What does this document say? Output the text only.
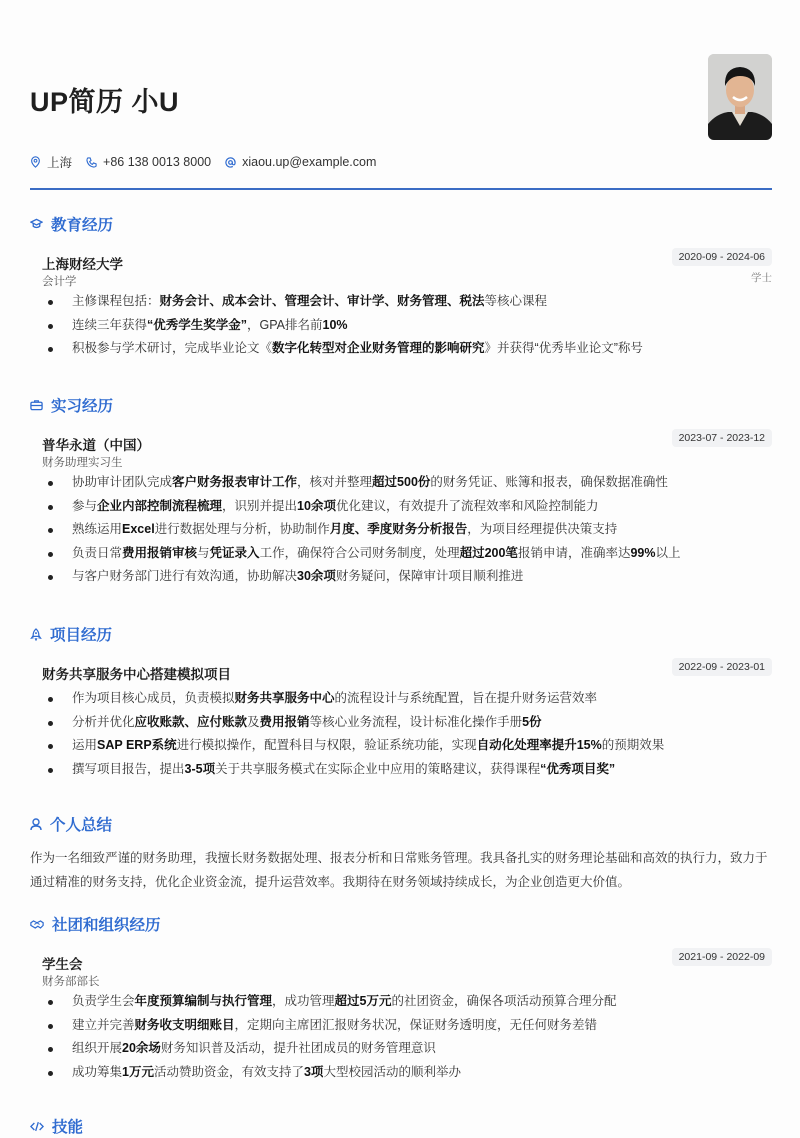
UP简历 小U
上海 +86 138 0013 8000 xiaou.up@example.com
教育经历
上海财经大学
会计学
2020-09 - 2024-06
学士
主修课程包括：财务会计、成本会计、管理会计、审计学、财务管理、税法等核心课程
连续三年获得“优秀学生奖学金”，GPA排名前10%
积极参与学术研讨，完成毕业论文《数字化转型对企业财务管理的影响研究》并获得“优秀毕业论文”称号
实习经历
普华永道（中国）
财务助理实习生
2023-07 - 2023-12
协助审计团队完成客户财务报表审计工作，核对并整理超过500份的财务凭证、账簿和报表，确保数据准确性
参与企业内部控制流程梳理，识别并提出10余项优化建议，有效提升了流程效率和风险控制能力
熟练运用Excel进行数据处理与分析，协助制作月度、季度财务分析报告，为项目经理提供决策支持
负责日常费用报销审核与凭证录入工作，确保符合公司财务制度，处理超过200笔报销申请，准确率达99%以上
与客户财务部门进行有效沟通，协助解决30余项财务疑问，保障审计项目顺利推进
项目经历
财务共享服务中心搭建模拟项目	2022-09 - 2023-01
作为项目核心成员，负责模拟财务共享服务中心的流程设计与系统配置，旨在提升财务运营效率
分析并优化应收账款、应付账款及费用报销等核心业务流程，设计标准化操作手册5份
运用SAP ERP系统进行模拟操作，配置科目与权限，验证系统功能，实现自动化处理率提升15%的预期效果
撰写项目报告，提出3-5项关于共享服务模式在实际企业中应用的策略建议，获得课程“优秀项目奖”
个人总结
作为一名细致严谨的财务助理，我擅长财务数据处理、报表分析和日常账务管理。我具备扎实的财务理论基础和高效的执行力，致力于通过精准的财务支持，优化企业资金流，提升运营效率。我期待在财务领域持续成长，为企业创造更大价值。
社团和组织经历
学生会
财务部部长
2021-09 - 2022-09
负责学生会年度预算编制与执行管理，成功管理超过5万元的社团资金，确保各项活动预算合理分配
建立并完善财务收支明细账目，定期向主席团汇报财务状况，保证财务透明度，无任何财务差错
组织开展20余场财务知识普及活动，提升社团成员的财务管理意识
成功筹集1万元活动赞助资金，有效支持了3项大型校园活动的顺利举办
技能
